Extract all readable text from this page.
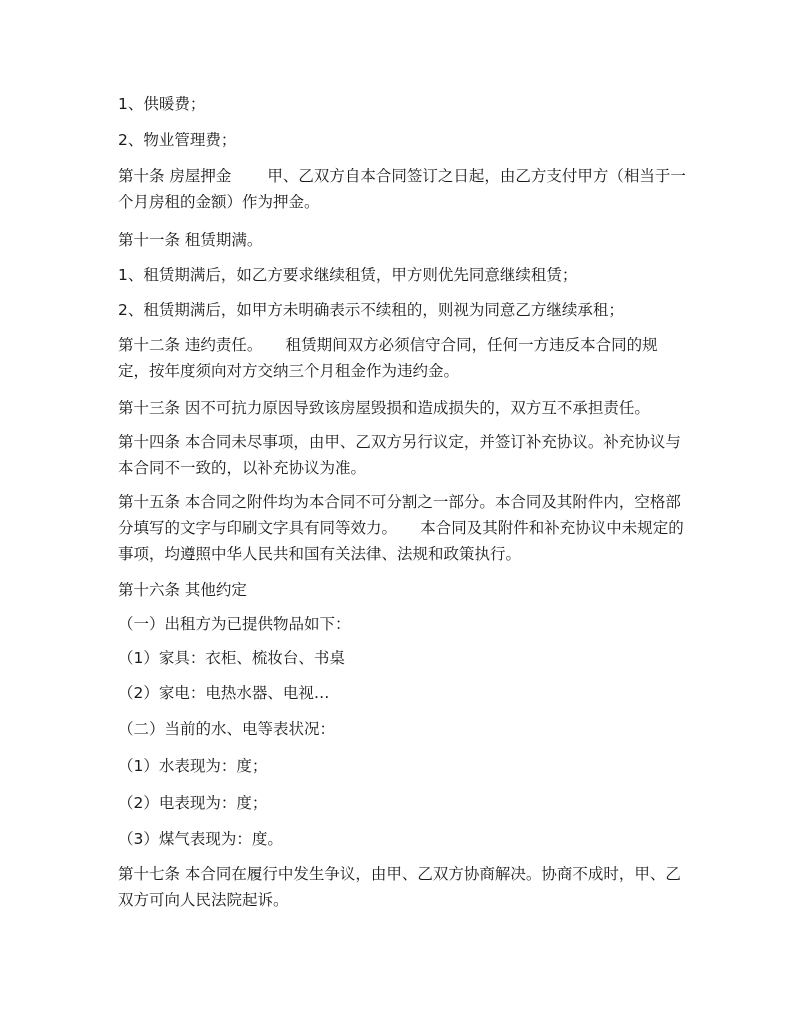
1、供暖费；

2、物业管理费；

第十条 房屋押金 　　甲、乙双方自本合同签订之日起，由乙方支付甲方（相当于一个月房租的金额）作为押金。

第十一条 租赁期满。

1、租赁期满后，如乙方要求继续租赁，甲方则优先同意继续租赁；

2、租赁期满后，如甲方未明确表示不续租的，则视为同意乙方继续承租；

第十二条 违约责任。　　租赁期间双方必须信守合同，任何一方违反本合同的规定，按年度须向对方交纳三个月租金作为违约金。

第十三条 因不可抗力原因导致该房屋毁损和造成损失的，双方互不承担责任。

第十四条 本合同未尽事项，由甲、乙双方另行议定，并签订补充协议。补充协议与本合同不一致的，以补充协议为准。

第十五条 本合同之附件均为本合同不可分割之一部分。本合同及其附件内，空格部分填写的文字与印刷文字具有同等效力。　　本合同及其附件和补充协议中未规定的事项，均遵照中华人民共和国有关法律、法规和政策执行。

第十六条 其他约定

（一）出租方为已提供物品如下：

（1）家具：衣柜、梳妆台、书桌

（2）家电：电热水器、电视…

（二）当前的水、电等表状况：

（1）水表现为：度；

（2）电表现为：度；

（3）煤气表现为：度。

第十七条 本合同在履行中发生争议，由甲、乙双方协商解决。协商不成时，甲、乙双方可向人民法院起诉。
